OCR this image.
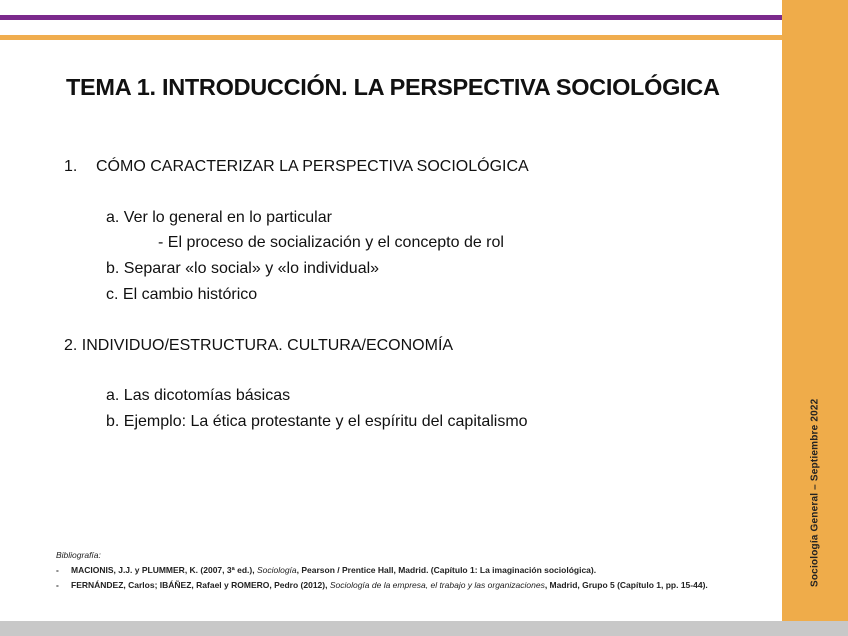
Sociología General – Septiembre 2022
TEMA 1. INTRODUCCIÓN. LA PERSPECTIVA SOCIOLÓGICA
1. CÓMO CARACTERIZAR LA PERSPECTIVA SOCIOLÓGICA
a. Ver lo general en lo particular
- El proceso de socialización y el concepto de rol
b. Separar «lo social» y «lo individual»
c. El cambio histórico
2. INDIVIDUO/ESTRUCTURA. CULTURA/ECONOMÍA
a. Las dicotomías básicas
b. Ejemplo: La ética protestante y el espíritu del capitalismo
Bibliografía:
- MACIONIS, J.J. y PLUMMER, K. (2007, 3ª ed.), Sociología, Pearson / Prentice Hall, Madrid. (Capítulo 1: La imaginación sociológica).
- FERNÁNDEZ, Carlos; IBÁÑEZ, Rafael y ROMERO, Pedro (2012), Sociología de la empresa, el trabajo y las organizaciones, Madrid, Grupo 5 (Capítulo 1, pp. 15-44).
